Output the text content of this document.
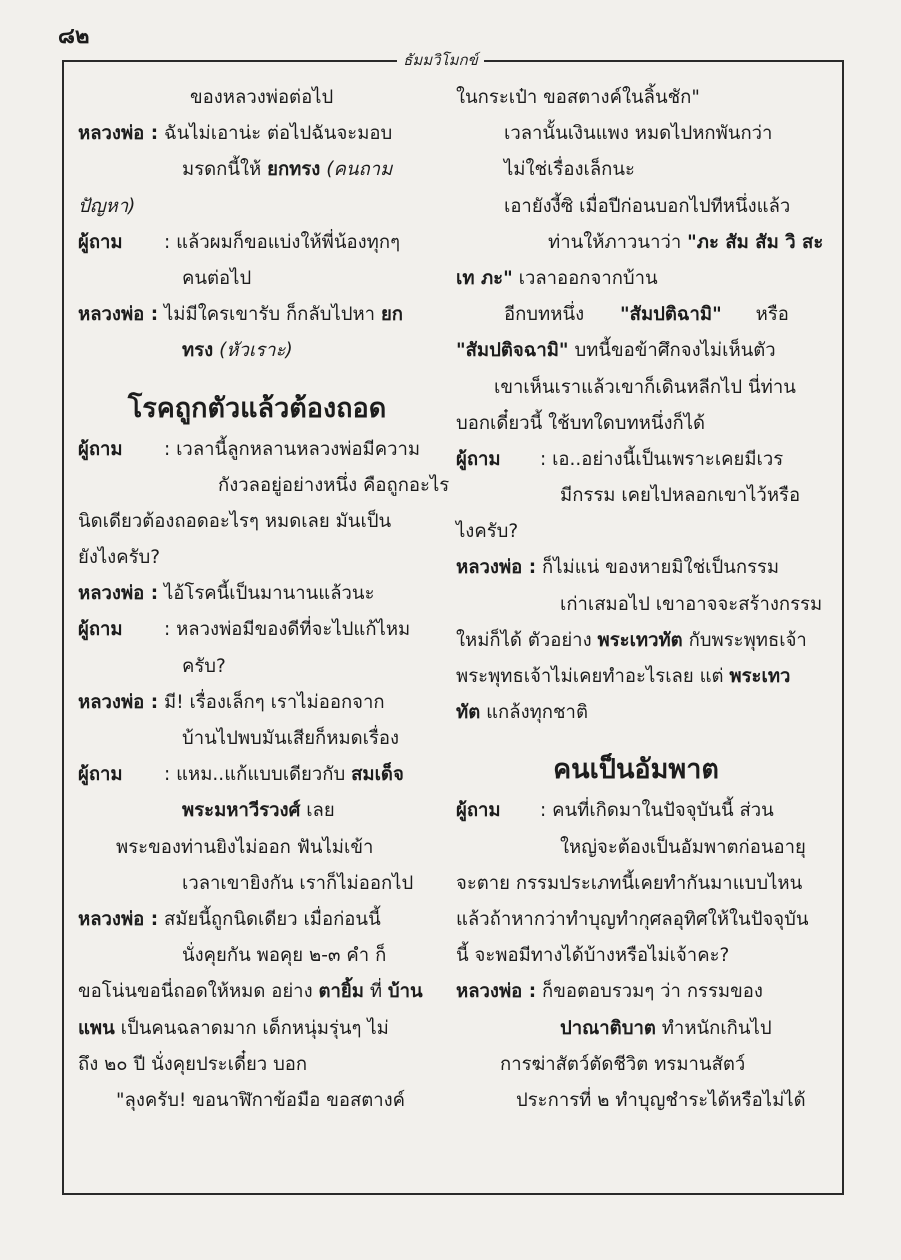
๘๒
ธัมมวิโมกข์
ของหลวงพ่อต่อไป
หลวงพ่อ : ฉันไม่เอาน่ะ ต่อไปฉันจะมอบ
มรดกนี้ให้ ยกทรง (คนถาม
ปัญหา)
ผู้ถาม : แล้วผมก็ขอแบ่งให้พี่น้องทุกๆ
คนต่อไป
หลวงพ่อ : ไม่มีใครเขารับ ก็กลับไปหา ยก
ทรง (หัวเราะ)
โรคถูกตัวแล้วต้องถอด
ผู้ถาม : เวลานี้ลูกหลานหลวงพ่อมีความ
กังวลอยู่อย่างหนึ่ง คือถูกอะไร
นิดเดียวต้องถอดอะไรๆ หมดเลย มันเป็น
ยังไงครับ?
หลวงพ่อ : ไอ้โรคนี้เป็นมานานแล้วนะ
ผู้ถาม : หลวงพ่อมีของดีที่จะไปแก้ไหม
ครับ?
หลวงพ่อ : มี! เรื่องเล็กๆ เราไม่ออกจาก
บ้านไปพบมันเสียก็หมดเรื่อง
ผู้ถาม : แหม..แก้แบบเดียวกับ สมเด็จ
พระมหาวีรวงศ์ เลย
พระของท่านยิงไม่ออก ฟันไม่เข้า
เวลาเขายิงกัน เราก็ไม่ออกไป
หลวงพ่อ : สมัยนี้ถูกนิดเดียว เมื่อก่อนนี้
นั่งคุยกัน พอคุย ๒-๓ คำ ก็
ขอโน่นขอนี่ถอดให้หมด อย่าง ตายิ้ม ที่ บ้าน
แพน เป็นคนฉลาดมาก เด็กหนุ่มรุ่นๆ ไม่
ถึง ๒๐ ปี นั่งคุยประเดี๋ยว บอก
"ลุงครับ! ขอนาฬิกาข้อมือ ขอสตางค์
ในกระเป๋า ขอสตางค์ในลิ้นชัก"
เวลานั้นเงินแพง หมดไปหกพันกว่า
ไม่ใช่เรื่องเล็กนะ
เอายังงี้ซิ เมื่อปีก่อนบอกไปทีหนึ่งแล้ว
ท่านให้ภาวนาว่า "ภะ สัม สัม วิ สะ
เท ภะ" เวลาออกจากบ้าน
อีกบทหนึ่ง "สัมปติฉามิ" หรือ
"สัมปติจฉามิ" บทนี้ขอข้าศึกจงไม่เห็นตัว
เขาเห็นเราแล้วเขาก็เดินหลีกไป นี่ท่าน
บอกเดี๋ยวนี้ ใช้บทใดบทหนึ่งก็ได้
ผู้ถาม : เอ..อย่างนี้เป็นเพราะเคยมีเวร
มีกรรม เคยไปหลอกเขาไว้หรือ
ไงครับ?
หลวงพ่อ : ก็ไม่แน่ ของหายมิใช่เป็นกรรม
เก่าเสมอไป เขาอาจจะสร้างกรรม
ใหม่ก็ได้ ตัวอย่าง พระเทวทัต กับพระพุทธเจ้า
พระพุทธเจ้าไม่เคยทำอะไรเลย แต่ พระเทว
ทัต แกล้งทุกชาติ
คนเป็นอัมพาต
ผู้ถาม : คนที่เกิดมาในปัจจุบันนี้ ส่วน
ใหญ่จะต้องเป็นอัมพาตก่อนอายุ
จะตาย กรรมประเภทนี้เคยทำกันมาแบบไหน
แล้วถ้าหากว่าทำบุญทำกุศลอุทิศให้ในปัจจุบัน
นี้ จะพอมีทางได้บ้างหรือไม่เจ้าคะ?
หลวงพ่อ : ก็ขอตอบรวมๆ ว่า กรรมของ
ปาณาติบาต ทำหนักเกินไป
การฆ่าสัตว์ตัดชีวิต ทรมานสัตว์
ประการที่ ๒ ทำบุญชำระได้หรือไม่ได้
